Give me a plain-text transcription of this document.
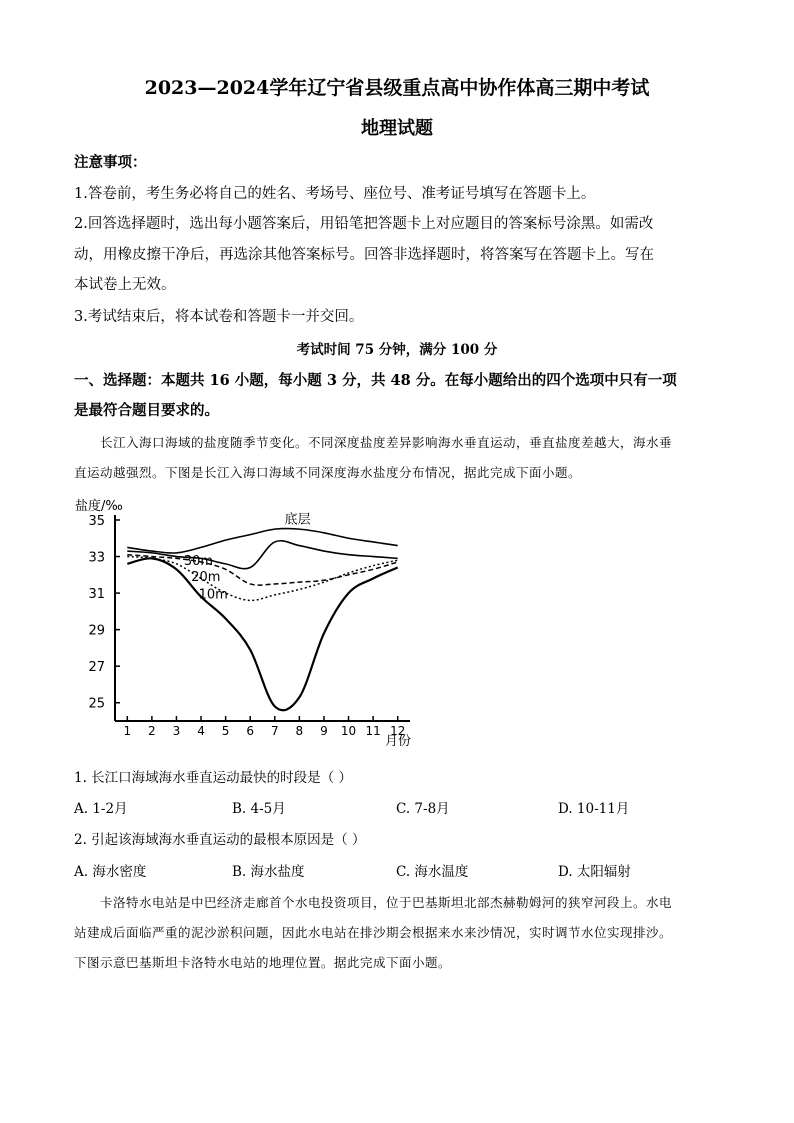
2023—2024学年辽宁省县级重点高中协作体高三期中考试
地理试题
注意事项：
1.答卷前，考生务必将自己的姓名、考场号、座位号、准考证号填写在答题卡上。
2.回答选择题时，选出每小题答案后，用铅笔把答题卡上对应题目的答案标号涂黑。如需改
动，用橡皮擦干净后，再选涂其他答案标号。回答非选择题时，将答案写在答题卡上。写在
本试卷上无效。
3.考试结束后，将本试卷和答题卡一并交回。
考试时间 75 分钟，满分 100 分
一、选择题：本题共 16 小题，每小题 3 分，共 48 分。在每小题给出的四个选项中只有一项
是最符合题目要求的。
长江入海口海域的盐度随季节变化。不同深度盐度差异影响海水垂直运动，垂直盐度差越大，海水垂
直运动越强烈。下图是长江入海口海域不同深度海水盐度分布情况，据此完成下面小题。
盐度/‰
35
33
31
29
27
25
1 2 3 4 5 6 7 8 9 10 11 12
月份
底层
30m
20m
10m
1. 长江口海域海水垂直运动最快的时段是（ ）
A. 1-2月	B. 4-5月	C. 7-8月	D. 10-11月
2. 引起该海域海水垂直运动的最根本原因是（ ）
A. 海水密度	B. 海水盐度	C. 海水温度	D. 太阳辐射
卡洛特水电站是中巴经济走廊首个水电投资项目，位于巴基斯坦北部杰赫勒姆河的狭窄河段上。水电
站建成后面临严重的泥沙淤积问题，因此水电站在排沙期会根据来水来沙情况，实时调节水位实现排沙。
下图示意巴基斯坦卡洛特水电站的地理位置。据此完成下面小题。
